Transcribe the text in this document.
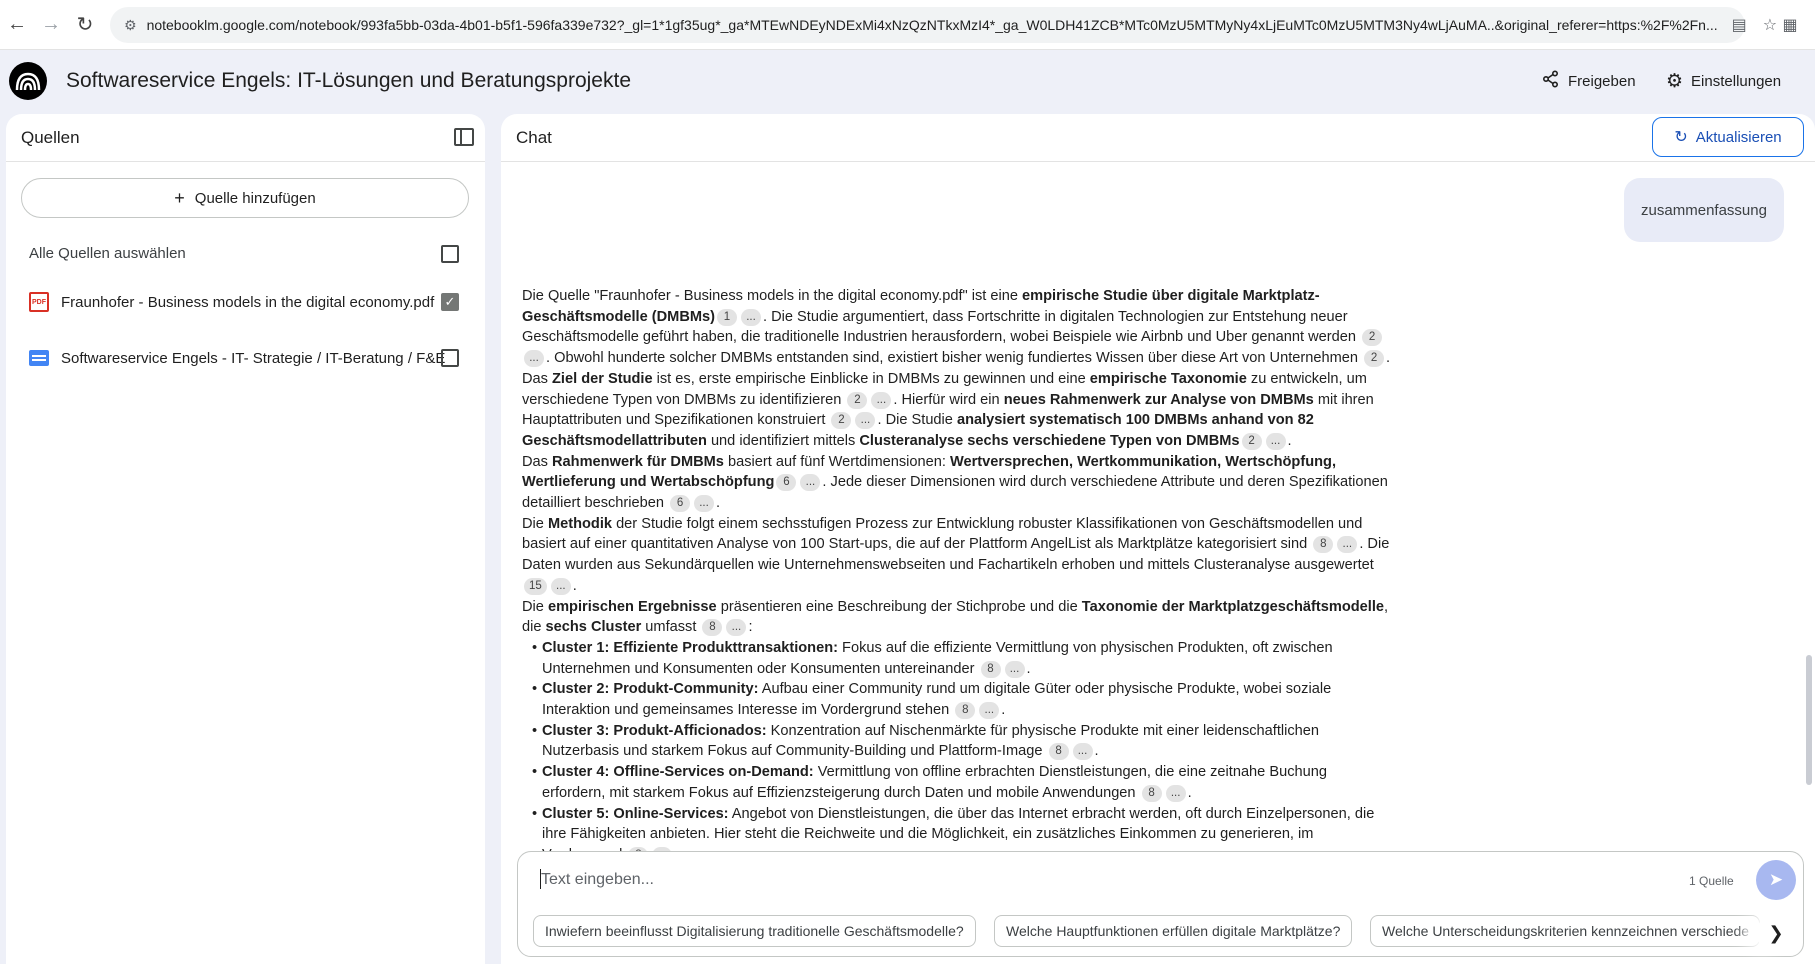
← → ↻	⚙ notebooklm.google.com/notebook/993fa5bb-03da-4b01-b5f1-596fa339e732?_gl=1*1gf35ug*_ga*MTEwNDEyNDExMi4xNzQzNTkxMzI4*_ga_W0LDH41ZCB*MTc0MzU5MTMyNy4xLjEuMTc0MzU5MTM3Ny4wLjAuMA..&original_referer=https:%2F%2Fn... ▤ ☆ ▦
Softwareservice Engels: IT-Lösungen und Beratungsprojekte	Freigeben ⚙ Einstellungen
Quellen
+ Quelle hinzufügen
Alle Quellen auswählen
PDF Fraunhofer - Business models in the digital economy.pdf ✓
Softwareservice Engels - IT- Strategie / IT-Beratung / F&E
Chat	↻ Aktualisieren
zusammenfassung
Die Quelle "Fraunhofer - Business models in the digital economy.pdf" ist eine empirische Studie über digitale Marktplatz-Geschäftsmodelle (DMBMs) 1 ... . Die Studie argumentiert, dass Fortschritte in digitalen Technologien zur Entstehung neuer Geschäftsmodelle geführt haben, die traditionelle Industrien herausfordern, wobei Beispiele wie Airbnb und Uber genannt werden 2... . Obwohl hunderte solcher DMBMs entstanden sind, existiert bisher wenig fundiertes Wissen über diese Art von Unternehmen 2 .
Das Ziel der Studie ist es, erste empirische Einblicke in DMBMs zu gewinnen und eine empirische Taxonomie zu entwickeln, um verschiedene Typen von DMBMs zu identifizieren 2 ... . Hierfür wird ein neues Rahmenwerk zur Analyse von DMBMs mit ihren Hauptattributen und Spezifikationen konstruiert 2 ... . Die Studie analysiert systematisch 100 DMBMs anhand von 82 Geschäftsmodellattributen und identifiziert mittels Clusteranalyse sechs verschiedene Typen von DMBMs 2 ... .
Das Rahmenwerk für DMBMs basiert auf fünf Wertdimensionen: Wertversprechen, Wertkommunikation, Wertschöpfung, Wertlieferung und Wertabschöpfung 6 ... . Jede dieser Dimensionen wird durch verschiedene Attribute und deren Spezifikationen detailliert beschrieben 6 ... .
Die Methodik der Studie folgt einem sechsstufigen Prozess zur Entwicklung robuster Klassifikationen von Geschäftsmodellen und basiert auf einer quantitativen Analyse von 100 Start-ups, die auf der Plattform AngelList als Marktplätze kategorisiert sind 8 ... . Die Daten wurden aus Sekundärquellen wie Unternehmenswebseiten und Fachartikeln erhoben und mittels Clusteranalyse ausgewertet 15 ... .
Die empirischen Ergebnisse präsentieren eine Beschreibung der Stichprobe und die Taxonomie der Marktplatzgeschäftsmodelle, die sechs Cluster umfasst 8 ... :
• Cluster 1: Effiziente Produkttransaktionen: Fokus auf die effiziente Vermittlung von physischen Produkten, oft zwischen Unternehmen und Konsumenten oder Konsumenten untereinander 8 ... .
• Cluster 2: Produkt-Community: Aufbau einer Community rund um digitale Güter oder physische Produkte, wobei soziale Interaktion und gemeinsames Interesse im Vordergrund stehen 8 ... .
• Cluster 3: Produkt-Afficionados: Konzentration auf Nischenmärkte für physische Produkte mit einer leidenschaftlichen Nutzerbasis und starkem Fokus auf Community-Building und Plattform-Image 8 ... .
• Cluster 4: Offline-Services on-Demand: Vermittlung von offline erbrachten Dienstleistungen, die eine zeitnahe Buchung erfordern, mit starkem Fokus auf Effizienzsteigerung durch Daten und mobile Anwendungen 8 ... .
• Cluster 5: Online-Services: Angebot von Dienstleistungen, die über das Internet erbracht werden, oft durch Einzelpersonen, die ihre Fähigkeiten anbieten. Hier steht die Reichweite und die Möglichkeit, ein zusätzliches Einkommen zu generieren, im
Text eingeben...
1 Quelle ➤
Inwiefern beeinflusst Digitalisierung traditionelle Geschäftsmodelle?	Welche Hauptfunktionen erfüllen digitale Marktplätze?	Welche Unterscheidungskriterien kennzeichnen verschiede	❯
